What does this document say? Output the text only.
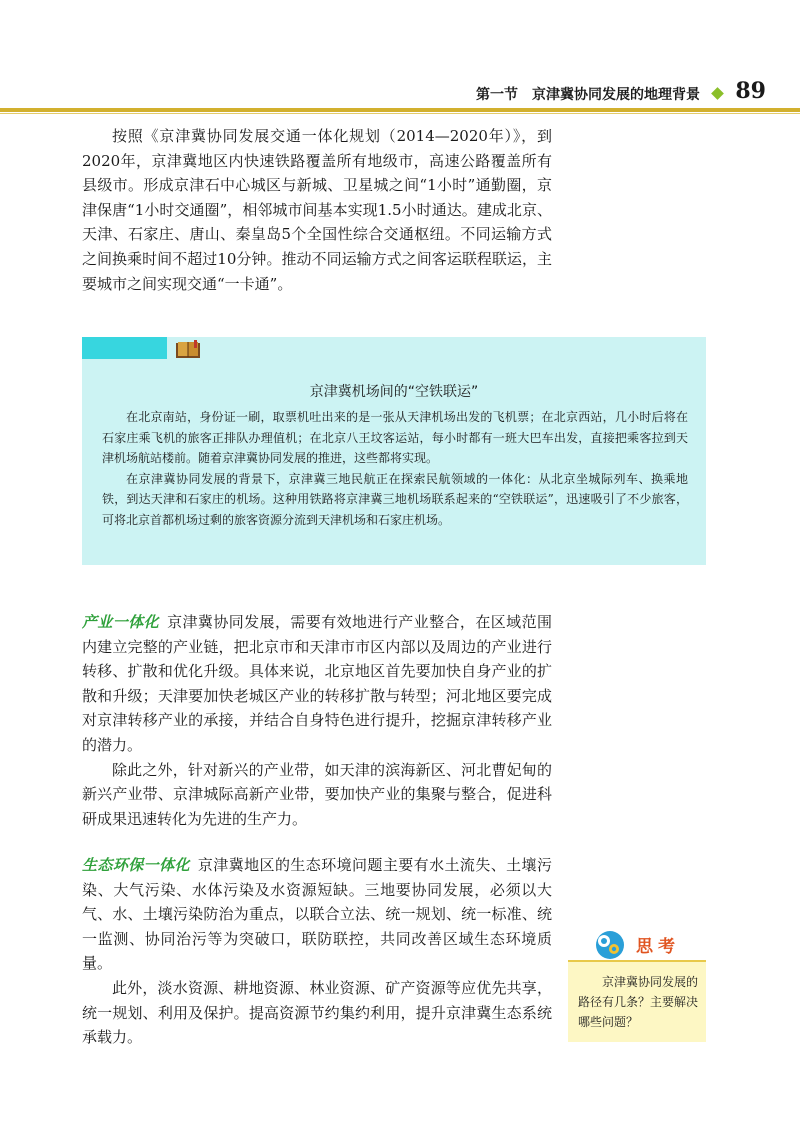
第一节 京津冀协同发展的地理背景 89

按照《京津冀协同发展交通一体化规划（2014—2020年）》，到2020年，京津冀地区内快速铁路覆盖所有地级市，高速公路覆盖所有县级市。形成京津石中心城区与新城、卫星城之间“1小时”通勤圈，京津保唐“1小时交通圈”，相邻城市间基本实现1.5小时通达。建成北京、天津、石家庄、唐山、秦皇岛5个全国性综合交通枢纽。不同运输方式之间换乘时间不超过10分钟。推动不同运输方式之间客运联程联运，主要城市之间实现交通“一卡通”。

京津冀机场间的“空铁联运”

在北京南站，身份证一刷，取票机吐出来的是一张从天津机场出发的飞机票；在北京西站，几小时后将在石家庄乘飞机的旅客正排队办理值机；在北京八王坟客运站，每小时都有一班大巴车出发，直接把乘客拉到天津机场航站楼前。随着京津冀协同发展的推进，这些都将实现。

在京津冀协同发展的背景下，京津冀三地民航正在探索民航领域的一体化：从北京坐城际列车、换乘地铁，到达天津和石家庄的机场。这种用铁路将京津冀三地机场联系起来的“空铁联运”，迅速吸引了不少旅客，可将北京首都机场过剩的旅客资源分流到天津机场和石家庄机场。

产业一体化 京津冀协同发展，需要有效地进行产业整合，在区域范围内建立完整的产业链，把北京市和天津市市区内部以及周边的产业进行转移、扩散和优化升级。具体来说，北京地区首先要加快自身产业的扩散和升级；天津要加快老城区产业的转移扩散与转型；河北地区要完成对京津转移产业的承接，并结合自身特色进行提升，挖掘京津转移产业的潜力。

除此之外，针对新兴的产业带，如天津的滨海新区、河北曹妃甸的新兴产业带、京津城际高新产业带，要加快产业的集聚与整合，促进科研成果迅速转化为先进的生产力。

生态环保一体化 京津冀地区的生态环境问题主要有水土流失、土壤污染、大气污染、水体污染及水资源短缺。三地要协同发展，必须以大气、水、土壤污染防治为重点，以联合立法、统一规划、统一标准、统一监测、协同治污等为突破口，联防联控，共同改善区域生态环境质量。

此外，淡水资源、耕地资源、林业资源、矿产资源等应优先共享，统一规划、利用及保护。提高资源节约集约利用，提升京津冀生态系统承载力。

思考

京津冀协同发展的路径有几条？主要解决哪些问题？
